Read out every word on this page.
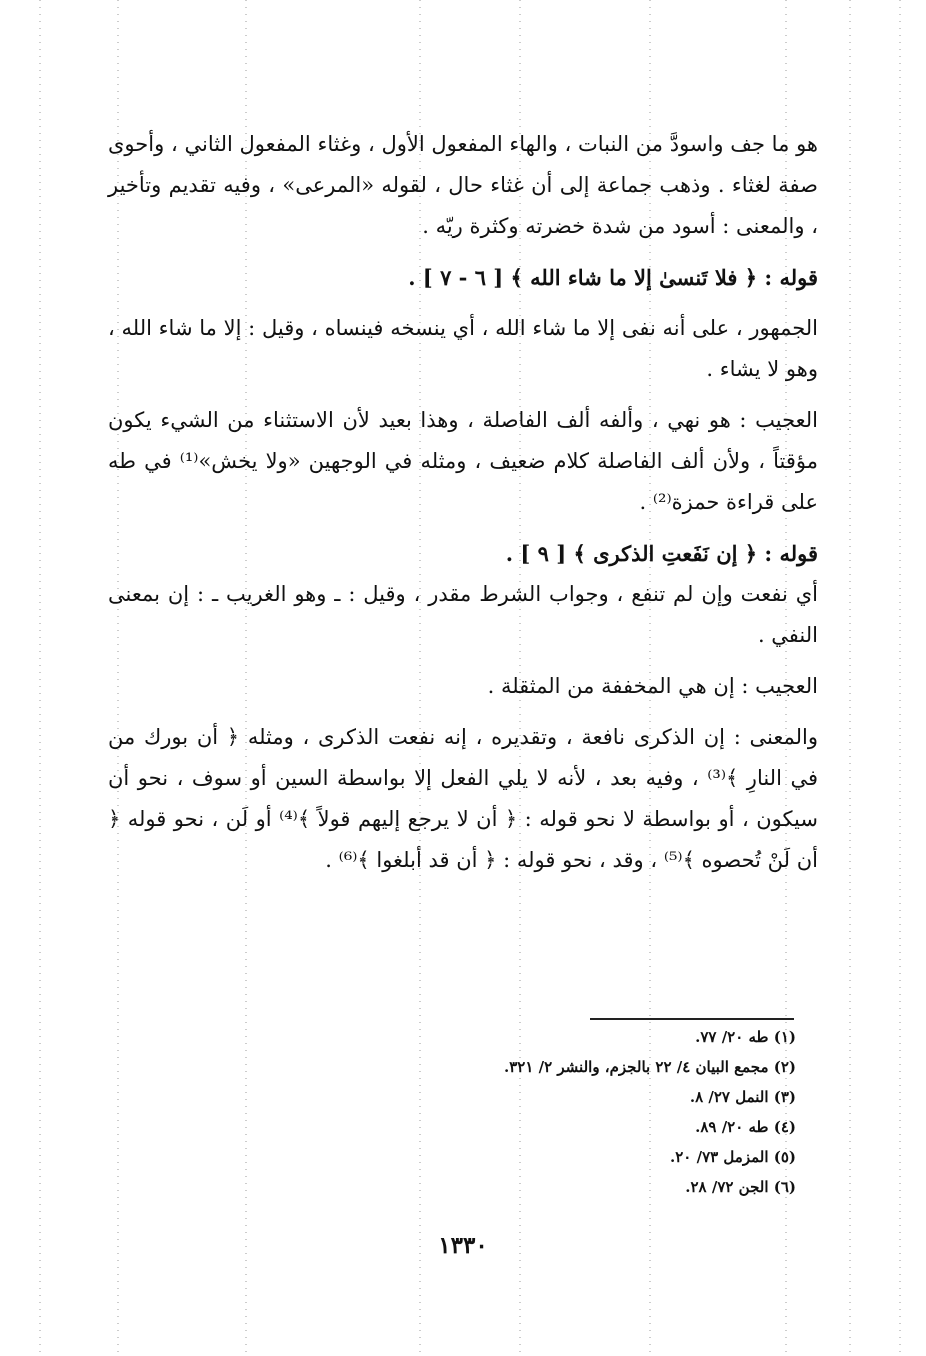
هو ما جف واسودَّ من النبات ، والهاء المفعول الأول ، وغثاء المفعول الثاني ، وأحوى صفة لغثاء . وذهب جماعة إلى أن غثاء حال ، لقوله «المرعى» ، وفيه تقديم وتأخير ، والمعنى : أسود من شدة خضرته وكثرة ريّه .

قوله : ﴿ فلا تَنسىٰ إلا ما شاء الله ﴾ [ ٦ - ٧ ] .

الجمهور ، على أنه نفى إلا ما شاء الله ، أي ينسخه فينساه ، وقيل : إلا ما شاء الله ، وهو لا يشاء .

العجيب : هو نهي ، وألفه ألف الفاصلة ، وهذا بعيد لأن الاستثناء من الشيء يكون مؤقتاً ، ولأن ألف الفاصلة كلام ضعيف ، ومثله في الوجهين «ولا يخش»⁽¹⁾ في طه على قراءة حمزة⁽²⁾ .

قوله : ﴿ إن نَفَعتِ الذكرى ﴾ [ ٩ ] .

أي نفعت وإن لم تنفع ، وجواب الشرط مقدر ، وقيل : ـ وهو الغريب ـ : إن بمعنى النفي .

العجيب : إن هي المخففة من المثقلة .

والمعنى : إن الذكرى نافعة ، وتقديره ، إنه نفعت الذكرى ، ومثله ﴿ أن بورك من في النارِ ﴾⁽³⁾ ، وفيه بعد ، لأنه لا يلي الفعل إلا بواسطة السين أو سوف ، نحو أن سيكون ، أو بواسطة لا نحو قوله : ﴿ أن لا يرجع إليهم قولاً ﴾⁽⁴⁾ أو لَن ، نحو قوله ﴿ أن لَنْ تُحصوه ﴾⁽⁵⁾ ، وقد ، نحو قوله : ﴿ أن قد أبلغوا ﴾⁽⁶⁾ .

(١) طه ٢٠/ ٧٧.
(٢) مجمع البيان ٤/ ٢٢ بالجزم، والنشر ٢/ ٣٢١.
(٣) النمل ٢٧/ ٨.
(٤) طه ٢٠/ ٨٩.
(٥) المزمل ٧٣/ ٢٠.
(٦) الجن ٧٢/ ٢٨.
١٣٣٠
